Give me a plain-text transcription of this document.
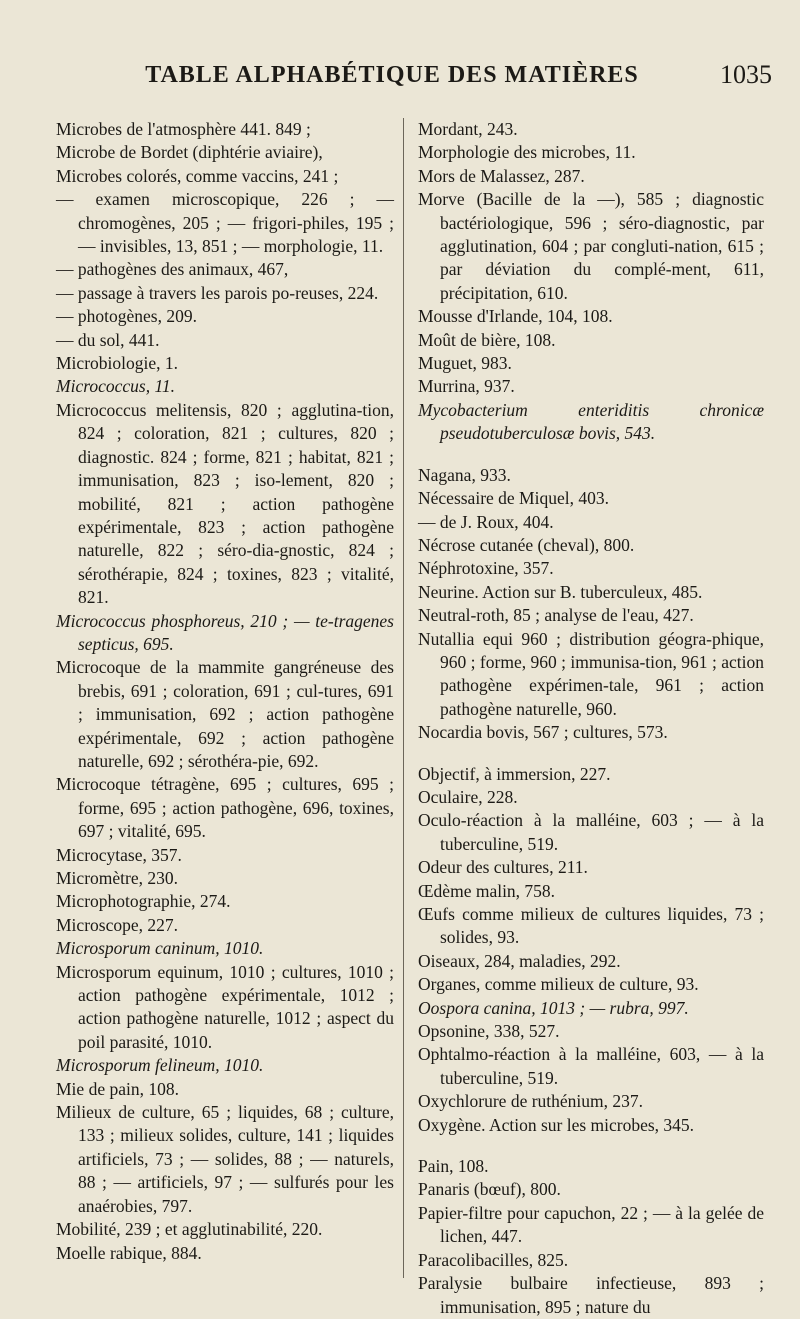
TABLE ALPHABÉTIQUE DES MATIÈRES	1035

Microbes de l'atmosphère 441. 849 ;

Microbe de Bordet (diphtérie aviaire),

Microbes colorés, comme vaccins, 241 ;

— examen microscopique, 226 ; — chromogènes, 205 ; — frigori-philes, 195 ; — invisibles, 13, 851 ; — morphologie, 11.

— pathogènes des animaux, 467,

— passage à travers les parois po-reuses, 224.

— photogènes, 209.

— du sol, 441.

Microbiologie, 1.

Micrococcus, 11.

Micrococcus melitensis, 820 ; agglutina-tion, 824 ; coloration, 821 ; cultures, 820 ; diagnostic. 824 ; forme, 821 ; habitat, 821 ; immunisation, 823 ; iso-lement, 820 ; mobilité, 821 ; action pathogène expérimentale, 823 ; action pathogène naturelle, 822 ; séro-dia-gnostic, 824 ; sérothérapie, 824 ; toxines, 823 ; vitalité, 821.

Micrococcus phosphoreus, 210 ; — te-tragenes septicus, 695.

Microcoque de la mammite gangréneuse des brebis, 691 ; coloration, 691 ; cul-tures, 691 ; immunisation, 692 ; action pathogène expérimentale, 692 ; action pathogène naturelle, 692 ; sérothéra-pie, 692.

Microcoque tétragène, 695 ; cultures, 695 ; forme, 695 ; action pathogène, 696, toxines, 697 ; vitalité, 695.

Microcytase, 357.

Micromètre, 230.

Microphotographie, 274.

Microscope, 227.

Microsporum caninum, 1010.

Microsporum equinum, 1010 ; cultures, 1010 ; action pathogène expérimentale, 1012 ; action pathogène naturelle, 1012 ; aspect du poil parasité, 1010.

Microsporum felineum, 1010.

Mie de pain, 108.

Milieux de culture, 65 ; liquides, 68 ; culture, 133 ; milieux solides, culture, 141 ; liquides artificiels, 73 ; — solides, 88 ; — naturels, 88 ; — artificiels, 97 ; — sulfurés pour les anaérobies, 797.

Mobilité, 239 ; et agglutinabilité, 220.

Moelle rabique, 884.

Mordant, 243.

Morphologie des microbes, 11.

Mors de Malassez, 287.

Morve (Bacille de la —), 585 ; diagnostic bactériologique, 596 ; séro-diagnostic, par agglutination, 604 ; par congluti-nation, 615 ; par déviation du complé-ment, 611, précipitation, 610.

Mousse d'Irlande, 104, 108.

Moût de bière, 108.

Muguet, 983.

Murrina, 937.

Mycobacterium enteriditis chronicæ pseudotuberculosæ bovis, 543.

Nagana, 933.

Nécessaire de Miquel, 403.

— de J. Roux, 404.

Nécrose cutanée (cheval), 800.

Néphrotoxine, 357.

Neurine. Action sur B. tuberculeux, 485.

Neutral-roth, 85 ; analyse de l'eau, 427.

Nutallia equi 960 ; distribution géogra-phique, 960 ; forme, 960 ; immunisa-tion, 961 ; action pathogène expérimen-tale, 961 ; action pathogène naturelle, 960.

Nocardia bovis, 567 ; cultures, 573.

Objectif, à immersion, 227.

Oculaire, 228.

Oculo-réaction à la malléine, 603 ; — à la tuberculine, 519.

Odeur des cultures, 211.

Œdème malin, 758.

Œufs comme milieux de cultures liquides, 73 ; solides, 93.

Oiseaux, 284, maladies, 292.

Organes, comme milieux de culture, 93.

Oospora canina, 1013 ; — rubra, 997.

Opsonine, 338, 527.

Ophtalmo-réaction à la malléine, 603, — à la tuberculine, 519.

Oxychlorure de ruthénium, 237.

Oxygène. Action sur les microbes, 345.

Pain, 108.

Panaris (bœuf), 800.

Papier-filtre pour capuchon, 22 ; — à la gelée de lichen, 447.

Paracolibacilles, 825.

Paralysie bulbaire infectieuse, 893 ; immunisation, 895 ; nature du
